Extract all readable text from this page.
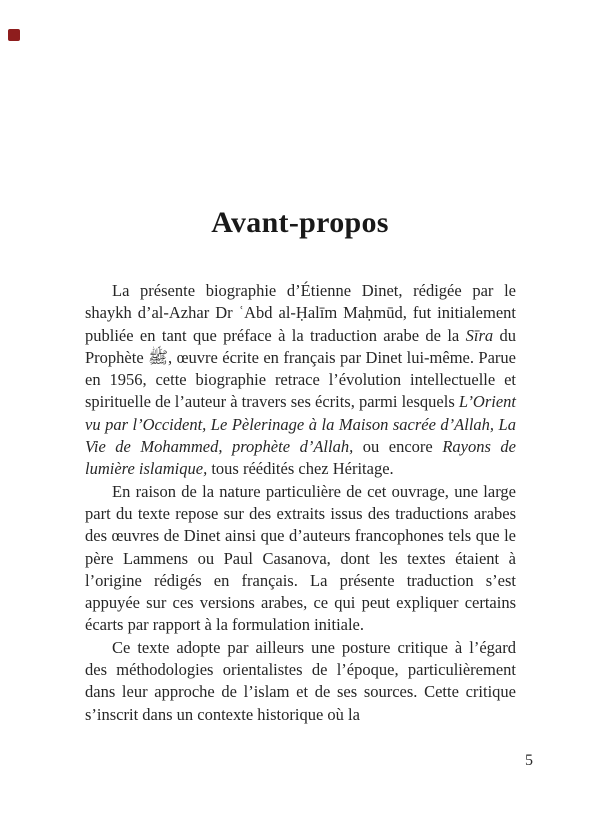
Avant-propos

La présente biographie d’Étienne Dinet, rédigée par le shaykh d’al-Azhar Dr ʿAbd al-Ḥalīm Maḥmūd, fut initialement publiée en tant que préface à la traduction arabe de la Sīra du Prophète ﷺ, œuvre écrite en français par Dinet lui-même. Parue en 1956, cette biographie retrace l’évolution intellectuelle et spirituelle de l’auteur à travers ses écrits, parmi lesquels L’Orient vu par l’Occident, Le Pèlerinage à la Maison sacrée d’Allah, La Vie de Mohammed, prophète d’Allah, ou encore Rayons de lumière islamique, tous réédités chez Héritage.

En raison de la nature particulière de cet ouvrage, une large part du texte repose sur des extraits issus des traductions arabes des œuvres de Dinet ainsi que d’auteurs francophones tels que le père Lammens ou Paul Casanova, dont les textes étaient à l’origine rédigés en français. La présente traduction s’est appuyée sur ces versions arabes, ce qui peut expliquer certains écarts par rapport à la formulation initiale.

Ce texte adopte par ailleurs une posture critique à l’égard des méthodologies orientalistes de l’époque, particulièrement dans leur approche de l’islam et de ses sources. Cette critique s’inscrit dans un contexte historique où la

5
